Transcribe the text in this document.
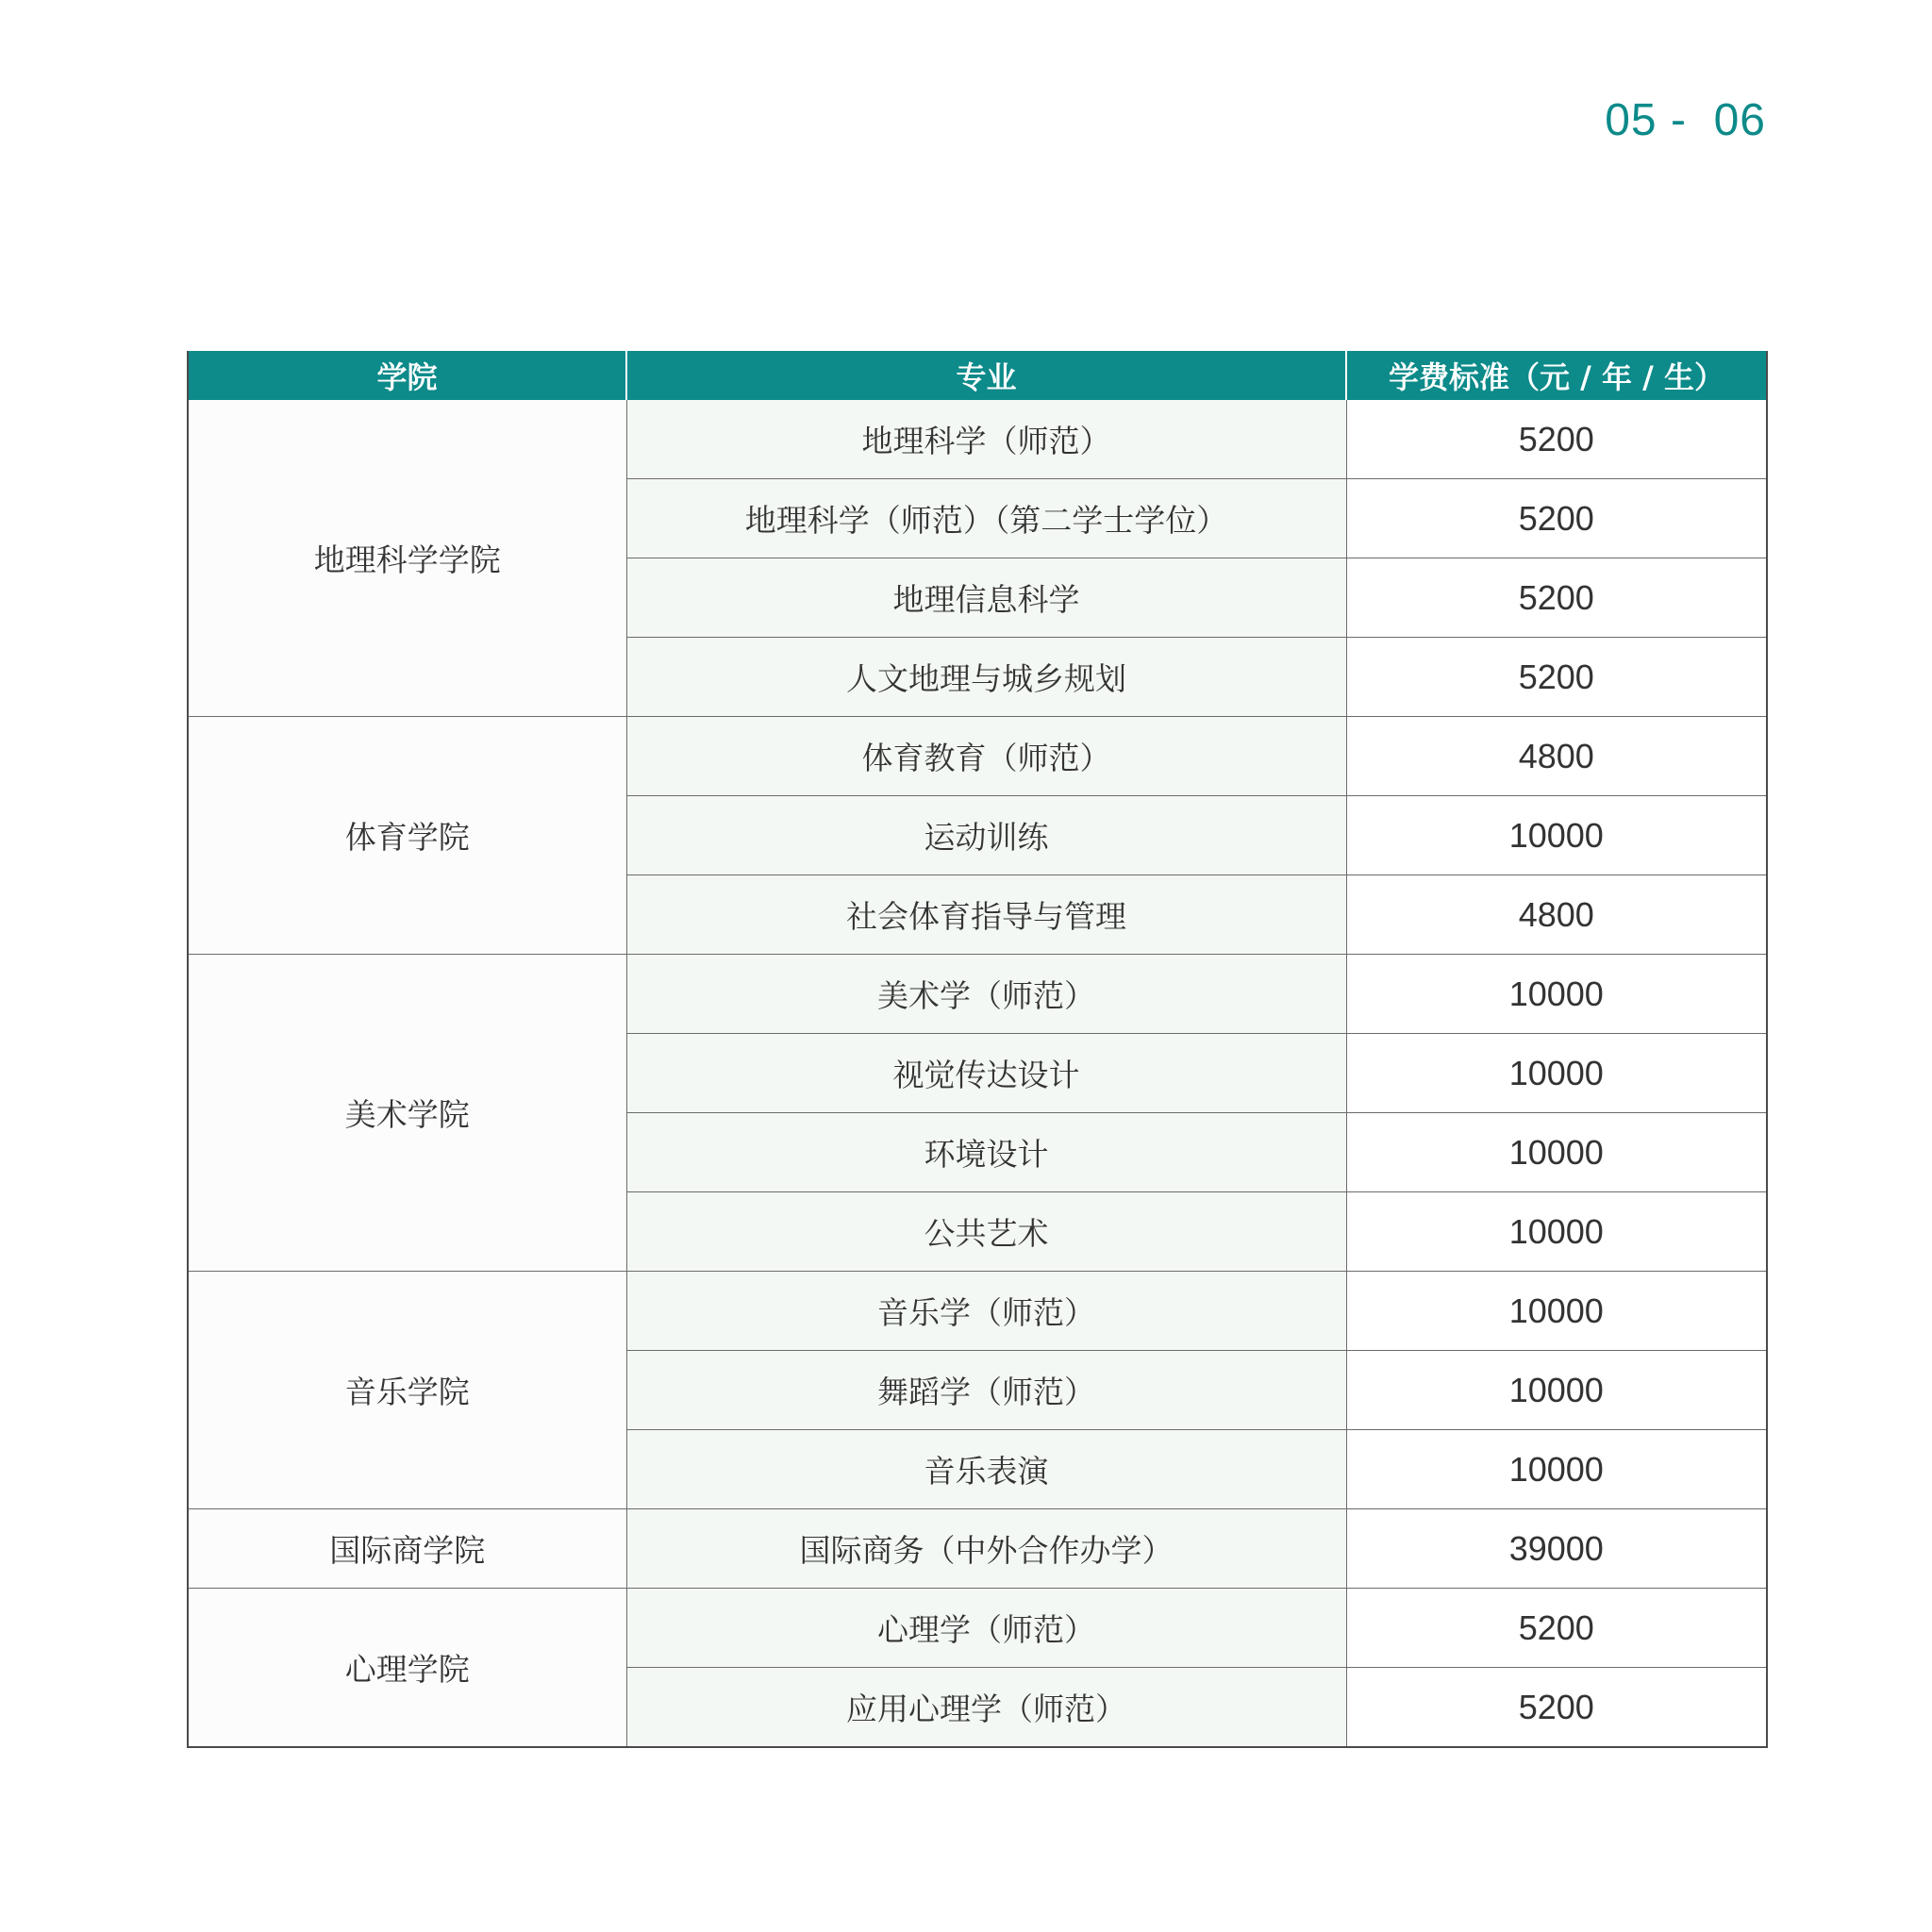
05 -  06
学院	专业	学费标准（元 / 年 / 生）
地理科学学院	地理科学（师范）	5200
	地理科学（师范）（第二学士学位）	5200
	地理信息科学	5200
	人文地理与城乡规划	5200
体育学院	体育教育（师范）	4800
	运动训练	10000
	社会体育指导与管理	4800
美术学院	美术学（师范）	10000
	视觉传达设计	10000
	环境设计	10000
	公共艺术	10000
音乐学院	音乐学（师范）	10000
	舞蹈学（师范）	10000
	音乐表演	10000
国际商学院	国际商务（中外合作办学）	39000
心理学院	心理学（师范）	5200
	应用心理学（师范）	5200
